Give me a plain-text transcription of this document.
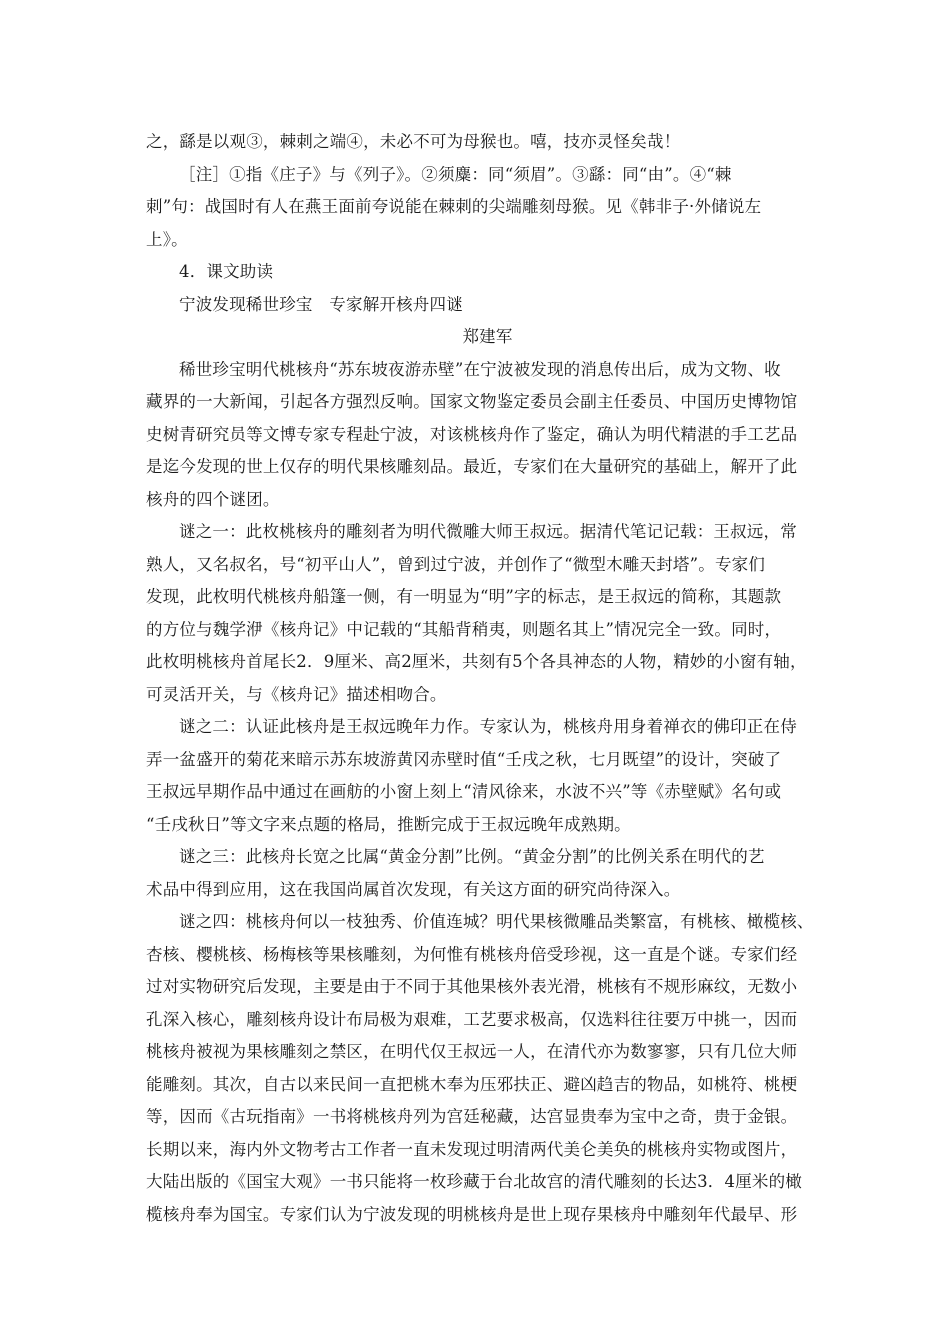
之，繇是以观③，棘刺之端④，未必不可为母猴也。嘻，技亦灵怪矣哉！
［注］①指《庄子》与《列子》。②须麋：同“须眉”。③繇：同“由”。④“棘
刺”句：战国时有人在燕王面前夸说能在棘刺的尖端雕刻母猴。见《韩非子·外储说左
上》。
4．课文助读
宁波发现稀世珍宝　专家解开核舟四谜
郑建军
稀世珍宝明代桃核舟“苏东坡夜游赤壁”在宁波被发现的消息传出后，成为文物、收
藏界的一大新闻，引起各方强烈反响。国家文物鉴定委员会副主任委员、中国历史博物馆
史树青研究员等文博专家专程赴宁波，对该桃核舟作了鉴定，确认为明代精湛的手工艺品
是迄今发现的世上仅存的明代果核雕刻品。最近，专家们在大量研究的基础上，解开了此
核舟的四个谜团。
谜之一：此枚桃核舟的雕刻者为明代微雕大师王叔远。据清代笔记记载：王叔远，常
熟人，又名叔名，号“初平山人”，曾到过宁波，并创作了“微型木雕天封塔”。专家们
发现，此枚明代桃核舟船篷一侧，有一明显为“明”字的标志，是王叔远的简称，其题款
的方位与魏学洢《核舟记》中记载的“其船背稍夷，则题名其上”情况完全一致。同时，
此枚明桃核舟首尾长2．9厘米、高2厘米，共刻有5个各具神态的人物，精妙的小窗有轴，
可灵活开关，与《核舟记》描述相吻合。
谜之二：认证此核舟是王叔远晚年力作。专家认为，桃核舟用身着禅衣的佛印正在侍
弄一盆盛开的菊花来暗示苏东坡游黄冈赤壁时值“壬戌之秋，七月既望”的设计，突破了
王叔远早期作品中通过在画舫的小窗上刻上“清风徐来，水波不兴”等《赤壁赋》名句或
“壬戌秋日”等文字来点题的格局，推断完成于王叔远晚年成熟期。
谜之三：此核舟长宽之比属“黄金分割”比例。“黄金分割”的比例关系在明代的艺
术品中得到应用，这在我国尚属首次发现，有关这方面的研究尚待深入。
谜之四：桃核舟何以一枝独秀、价值连城？明代果核微雕品类繁富，有桃核、橄榄核、
杏核、樱桃核、杨梅核等果核雕刻，为何惟有桃核舟倍受珍视，这一直是个谜。专家们经
过对实物研究后发现，主要是由于不同于其他果核外表光滑，桃核有不规形麻纹，无数小
孔深入核心，雕刻核舟设计布局极为艰难，工艺要求极高，仅选料往往要万中挑一，因而
桃核舟被视为果核雕刻之禁区，在明代仅王叔远一人，在清代亦为数寥寥，只有几位大师
能雕刻。其次，自古以来民间一直把桃木奉为压邪扶正、避凶趋吉的物品，如桃符、桃梗
等，因而《古玩指南》一书将桃核舟列为宫廷秘藏，达宫显贵奉为宝中之奇，贵于金银。
长期以来，海内外文物考古工作者一直未发现过明清两代美仑美奂的桃核舟实物或图片，
大陆出版的《国宝大观》一书只能将一枚珍藏于台北故宫的清代雕刻的长达3．4厘米的橄
榄核舟奉为国宝。专家们认为宁波发现的明桃核舟是世上现存果核舟中雕刻年代最早、形
